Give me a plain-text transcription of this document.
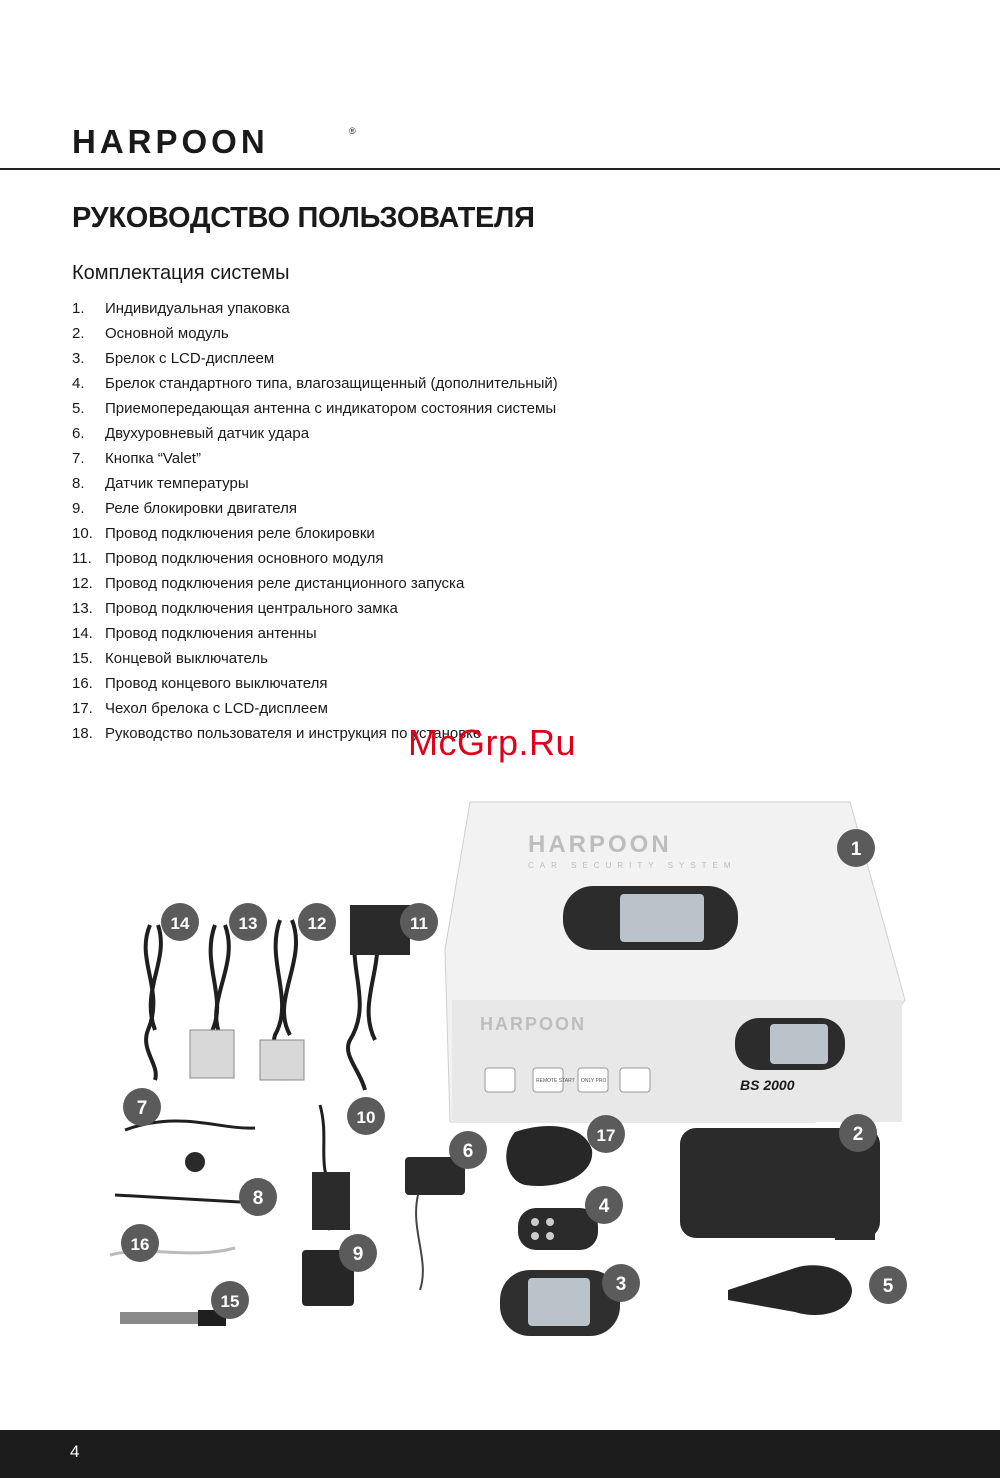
HARPOON	®
РУКОВОДСТВО ПОЛЬЗОВАТЕЛЯ
Комплектация системы
1.	Индивидуальная упаковка
2.	Основной модуль
3.	Брелок с LCD-дисплеем
4.	Брелок стандартного типа, влагозащищенный (дополнительный)
5.	Приемопередающая антенна с индикатором состояния системы
6.	Двухуровневый датчик удара
7.	Кнопка “Valet”
8.	Датчик температуры
9.	Реле блокировки двигателя
10. Провод подключения реле блокировки
11. Провод подключения основного модуля
12. Провод подключения реле дистанционного запуска
13. Провод подключения центрального замка
14. Провод подключения антенны
15. Концевой выключатель
16. Провод концевого выключателя
17. Чехол брелока с LCD-дисплеем
18. Руководство пользователя и инструкция по установке
McGrp.Ru
HARPOON
CAR SECURITY SYSTEM
HARPOON
REMOTE START ONLY PRO	BS 2000
1
2
3
4
5
6
7
8
9
10
11
12
13
14
15
16
17
4
